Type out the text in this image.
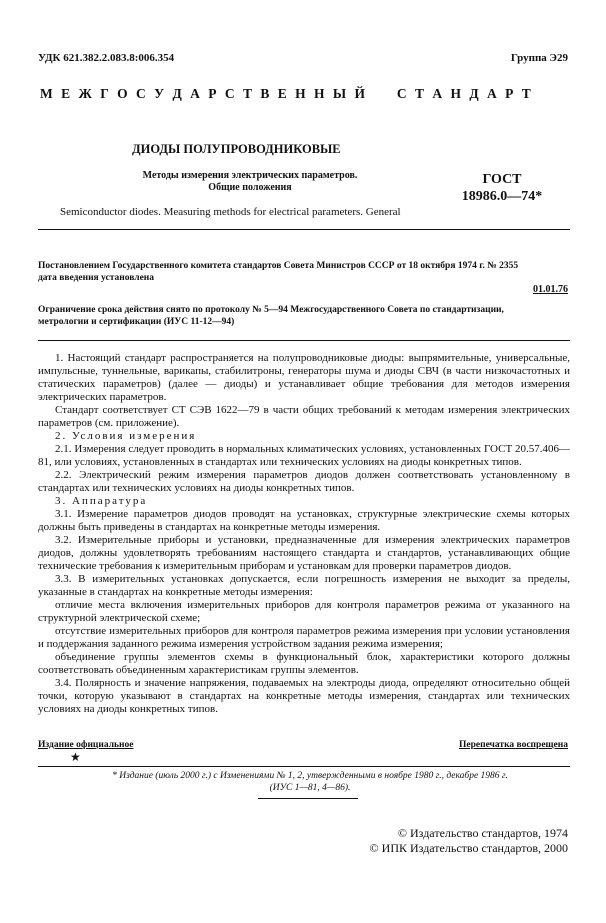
УДК 621.382.2.083.8:006.354	Группа Э29
М Е Ж Г О С У Д А Р С Т В Е Н Н Ы Й     С Т А Н Д А Р Т
ДИОДЫ ПОЛУПРОВОДНИКОВЫЕ
Методы измерения электрических параметров.
Общие положения
ГОСТ
18986.0—74*
Semiconductor diodes. Measuring methods for electrical parameters. General
Постановлением Государственного комитета стандартов Совета Министров СССР от 18 октября 1974 г. № 2355
дата введения установлена
01.01.76
Ограничение срока действия снято по протоколу № 5—94 Межгосударственного Совета по стандартизации,
метрологии и сертификации (ИУС 11-12—94)

1. Настоящий стандарт распространяется на полупроводниковые диоды: выпрямительные, универсальные, импульсные, туннельные, варикапы, стабилитроны, генераторы шума и диоды СВЧ (в части низкочастотных и статических параметров) (далее — диоды) и устанавливает общие требования для методов измерения электрических параметров.

Стандарт соответствует СТ СЭВ 1622—79 в части общих требований к методам измерения электрических параметров (см. приложение).

2. Условия измерения

2.1. Измерения следует проводить в нормальных климатических условиях, установленных ГОСТ 20.57.406—81, или условиях, установленных в стандартах или технических условиях на диоды конкретных типов.

2.2. Электрический режим измерения параметров диодов должен соответствовать установленному в стандартах или технических условиях на диоды конкретных типов.

3. Аппаратура

3.1. Измерение параметров диодов проводят на установках, структурные электрические схемы которых должны быть приведены в стандартах на конкретные методы измерения.

3.2. Измерительные приборы и установки, предназначенные для измерения электрических параметров диодов, должны удовлетворять требованиям настоящего стандарта и стандартов, устанавливающих общие технические требования к измерительным приборам и установкам для проверки параметров диодов.

3.3. В измерительных установках допускается, если погрешность измерения не выходит за пределы, указанные в стандартах на конкретные методы измерения:

отличие места включения измерительных приборов для контроля параметров режима от указанного на структурной электрической схеме;

отсутствие измерительных приборов для контроля параметров режима измерения при условии установления и поддержания заданного режима измерения устройством задания режима измерения;

объединение группы элементов схемы в функциональный блок, характеристики которого должны соответствовать объединенным характеристикам группы элементов.

3.4. Полярность и значение напряжения, подаваемых на электроды диода, определяют относительно общей точки, которую указывают в стандартах на конкретные методы измерения, стандартах или технических условиях на диоды конкретных типов.

Издание официальное	Перепечатка воспрещена
★
* Издание (июль 2000 г.) с Изменениями № 1, 2, утвержденными в ноябре 1980 г., декабре 1986 г.
(ИУС 1—81, 4—86).
© Издательство стандартов, 1974
© ИПК Издательство стандартов, 2000
